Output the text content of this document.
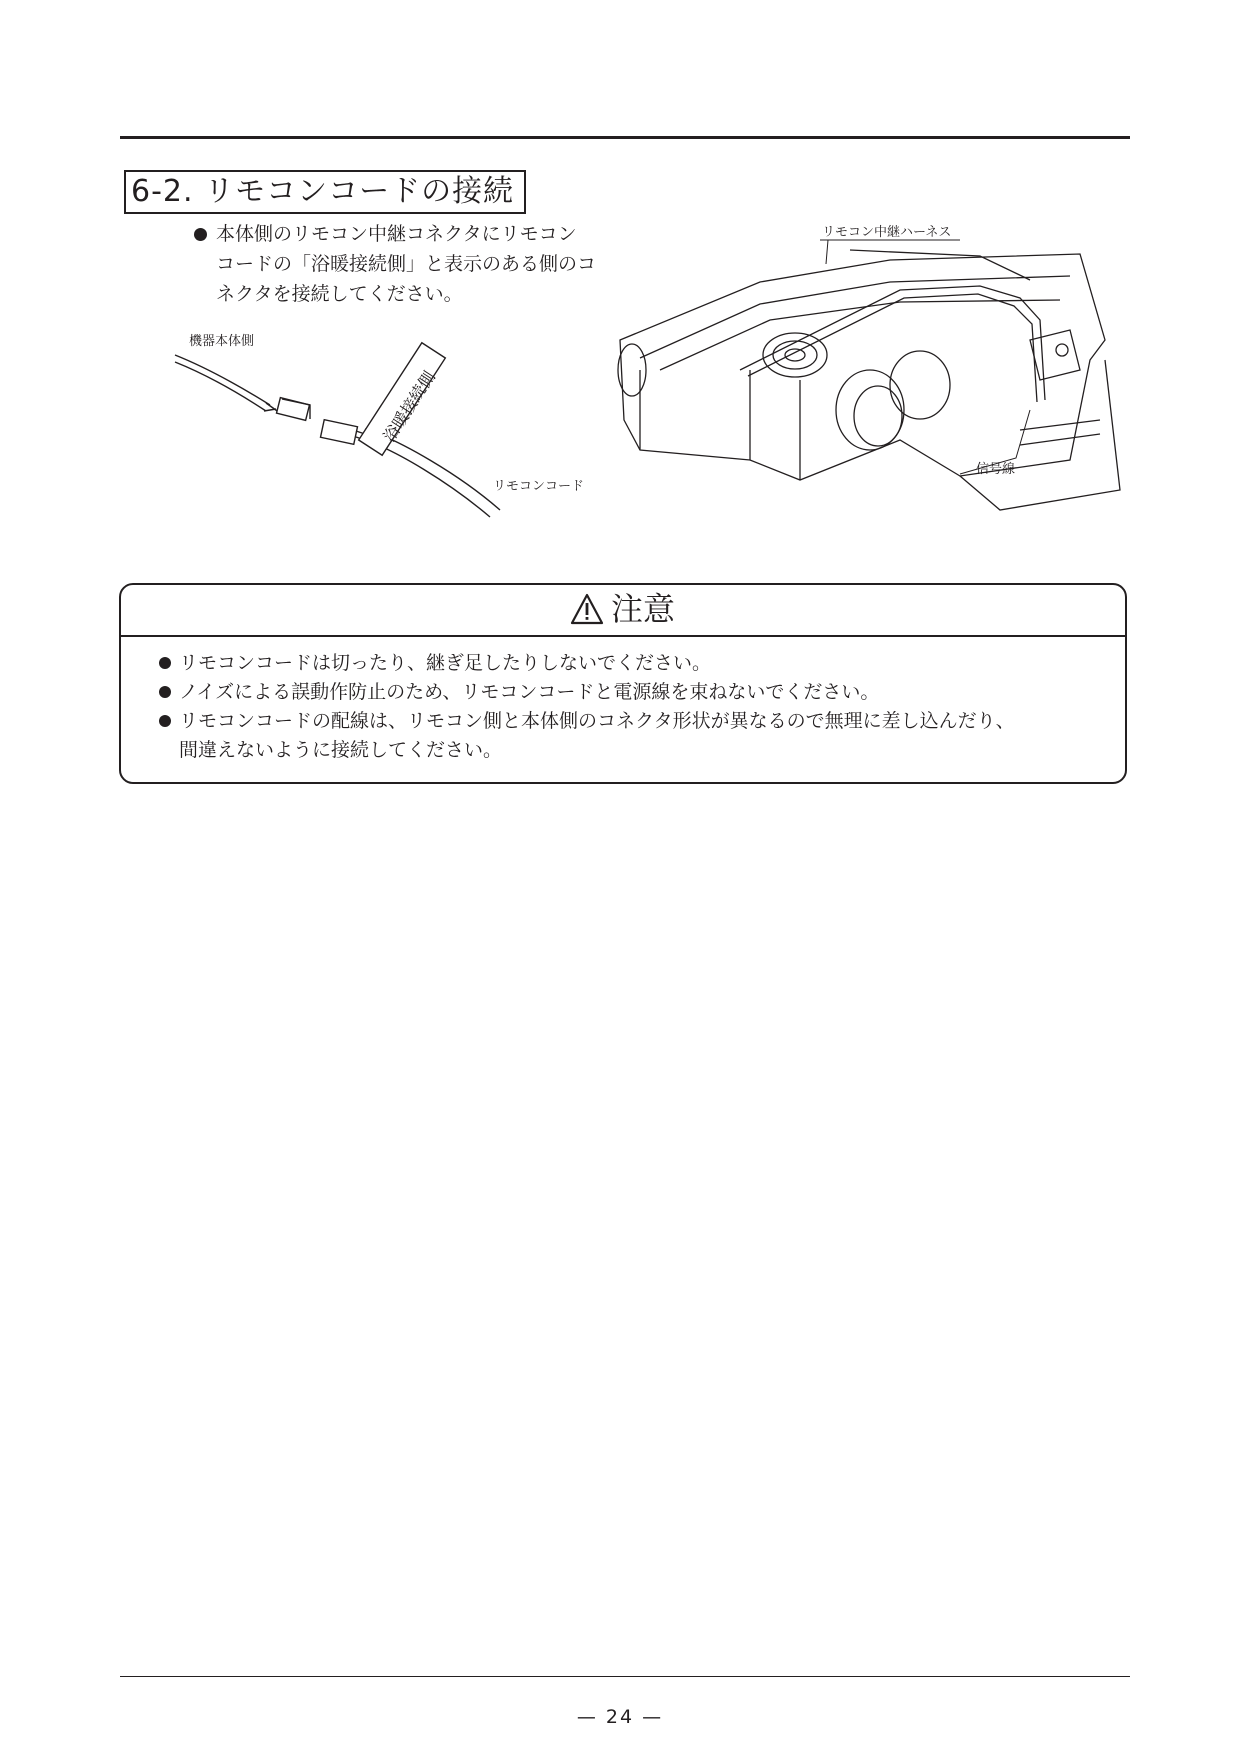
6-2. リモコンコードの接続
本体側のリモコン中継コネクタにリモコン
コードの「浴暖接続側」と表示のある側のコ
ネクタを接続してください。
機器本体側
浴暖接続側
リモコンコード
リモコン中継ハーネス
信号線
注意
リモコンコードは切ったり、継ぎ足したりしないでください。
ノイズによる誤動作防止のため、リモコンコードと電源線を束ねないでください。
リモコンコードの配線は、リモコン側と本体側のコネクタ形状が異なるので無理に差し込んだり、
間違えないように接続してください。
— 24 —
